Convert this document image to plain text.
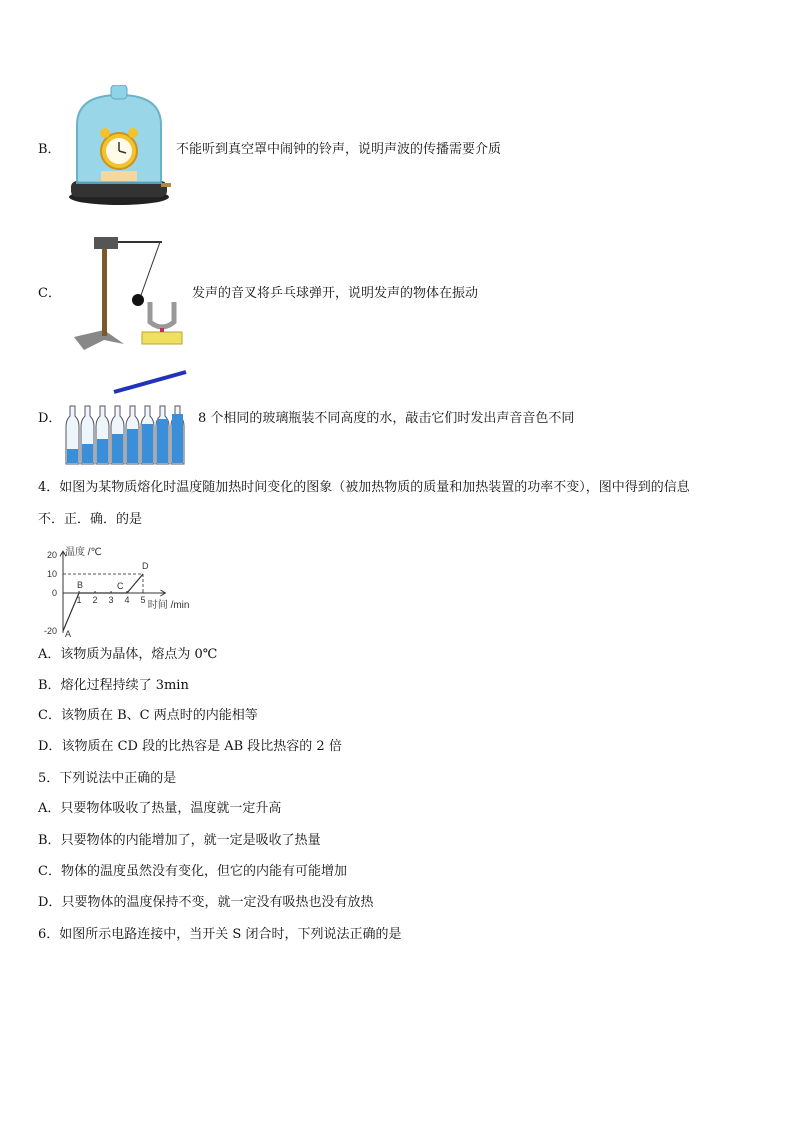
B．	不能听到真空罩中闹钟的铃声，说明声波的传播需要介质
C．	发声的音叉将乒乓球弹开，说明发声的物体在振动
D．	8 个相同的玻璃瓶装不同高度的水，敲击它们时发出声音音色不同
4．如图为某物质熔化时温度随加热时间变化的图象（被加热物质的质量和加热装置的功率不变），图中得到的信息
不．正．确．的是
温度 /℃
时间 /min
20
10
0
-20
1 2 3 4 5
A
B	C
D
A．该物质为晶体，熔点为 0℃
B．熔化过程持续了 3min
C．该物质在 B、C 两点时的内能相等
D．该物质在 CD 段的比热容是 AB 段比热容的 2 倍
5．下列说法中正确的是
A．只要物体吸收了热量，温度就一定升高
B．只要物体的内能增加了，就一定是吸收了热量
C．物体的温度虽然没有变化，但它的内能有可能增加
D．只要物体的温度保持不变，就一定没有吸热也没有放热
6．如图所示电路连接中，当开关 S 闭合时，下列说法正确的是
